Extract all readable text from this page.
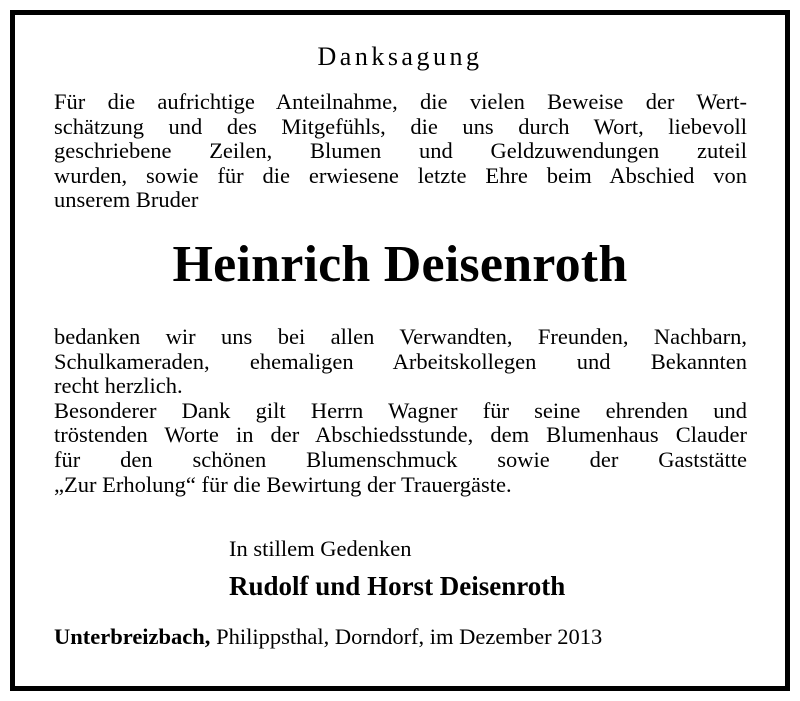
Danksagung
Für die aufrichtige Anteilnahme, die vielen Beweise der Wert-
schätzung und des Mitgefühls, die uns durch Wort, liebevoll
geschriebene Zeilen, Blumen und Geldzuwendungen zuteil
wurden, sowie für die erwiesene letzte Ehre beim Abschied von
unserem Bruder
Heinrich Deisenroth
bedanken wir uns bei allen Verwandten, Freunden, Nachbarn,
Schulkameraden, ehemaligen Arbeitskollegen und Bekannten
recht herzlich.
Besonderer Dank gilt Herrn Wagner für seine ehrenden und
tröstenden Worte in der Abschiedsstunde, dem Blumenhaus Clauder
für den schönen Blumenschmuck sowie der Gaststätte
„Zur Erholung“ für die Bewirtung der Trauergäste.
In stillem Gedenken
Rudolf und Horst Deisenroth
Unterbreizbach, Philippsthal, Dorndorf, im Dezember 2013
